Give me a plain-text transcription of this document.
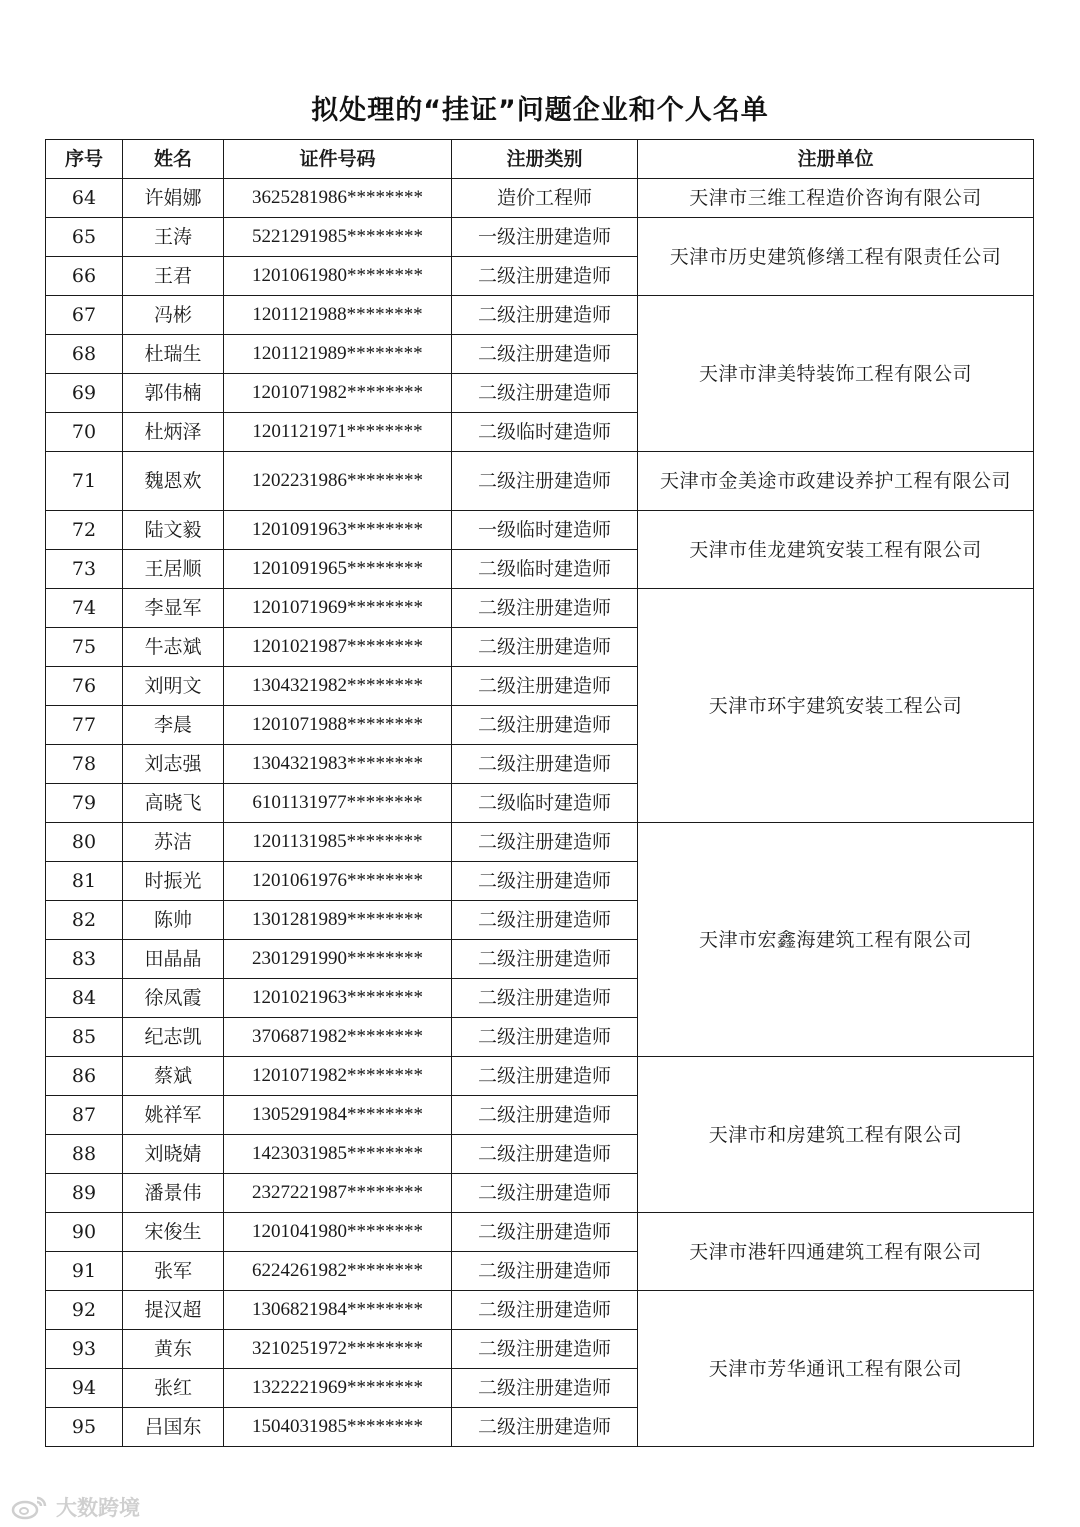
拟处理的“挂证”问题企业和个人名单
序号	姓名	证件号码	注册类别	注册单位
64	许娟娜	3625281986********	造价工程师	天津市三维工程造价咨询有限公司
65	王涛	5221291985********	一级注册建造师	天津市历史建筑修缮工程有限责任公司
66	王君	1201061980********	二级注册建造师	
67	冯彬	1201121988********	二级注册建造师	天津市津美特装饰工程有限公司
68	杜瑞生	1201121989********	二级注册建造师	
69	郭伟楠	1201071982********	二级注册建造师	
70	杜炳泽	1201121971********	二级临时建造师	
71	魏恩欢	1202231986********	二级注册建造师	天津市金美途市政建设养护工程有限公司
72	陆文毅	1201091963********	一级临时建造师	天津市佳龙建筑安装工程有限公司
73	王居顺	1201091965********	二级临时建造师	
74	李显军	1201071969********	二级注册建造师	天津市环宇建筑安装工程公司
75	牛志斌	1201021987********	二级注册建造师	
76	刘明文	1304321982********	二级注册建造师	
77	李晨	1201071988********	二级注册建造师	
78	刘志强	1304321983********	二级注册建造师	
79	高晓飞	6101131977********	二级临时建造师	
80	苏洁	1201131985********	二级注册建造师	天津市宏鑫海建筑工程有限公司
81	时振光	1201061976********	二级注册建造师	
82	陈帅	1301281989********	二级注册建造师	
83	田晶晶	2301291990********	二级注册建造师	
84	徐凤霞	1201021963********	二级注册建造师	
85	纪志凯	3706871982********	二级注册建造师	
86	蔡斌	1201071982********	二级注册建造师	天津市和房建筑工程有限公司
87	姚祥军	1305291984********	二级注册建造师	
88	刘晓婧	1423031985********	二级注册建造师	
89	潘景伟	2327221987********	二级注册建造师	
90	宋俊生	1201041980********	二级注册建造师	天津市港轩四通建筑工程有限公司
91	张军	6224261982********	二级注册建造师	
92	提汉超	1306821984********	二级注册建造师	天津市芳华通讯工程有限公司
93	黄东	3210251972********	二级注册建造师	
94	张红	1322221969********	二级注册建造师	
95	吕国东	1504031985********	二级注册建造师	
大数跨境
